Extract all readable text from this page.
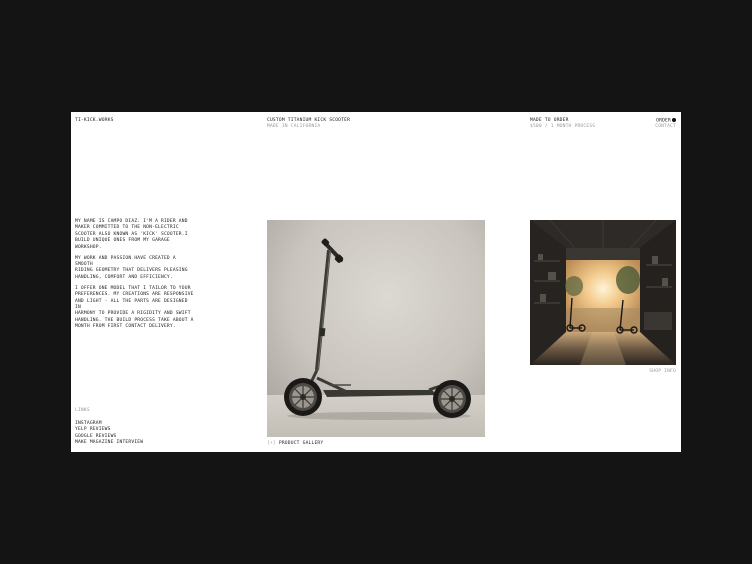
TI-KICK.WORKS	CUSTOM TITANIUM KICK SCOOTER
MADE IN CALIFORNIA
MADE TO ORDER
$500 / 1 MONTH PROCESS
ORDER
CONTACT

MY NAME IS CAMPO DIAZ. I'M A RIDER AND
MAKER COMMITTED TO THE NON-ELECTRIC
SCOOTER ALSO KNOWN AS 'KICK' SCOOTER.I
BUILD UNIQUE ONES FROM MY GARAGE WORKSHOP.

MY WORK AND PASSION HAVE CREATED A SMOOTH
RIDING GEOMETRY THAT DELIVERS PLEASING
HANDLING, COMFORT AND EFFICIENCY.

I OFFER ONE MODEL THAT I TAILOR TO YOUR
PREFERENCES. MY CREATIONS ARE RESPONSIVE
AND LIGHT - ALL THE PARTS ARE DESIGNED IN
HARMONY TO PROVIDE A RIGIDITY AND SWIFT
HANDLING. THE BUILD PROCESS TAKE ABOUT A
MONTH FROM FIRST CONTACT DELIVERY.

LINKS
INSTAGRAM
YELP REVIEWS
GOOGLE REVIEWS
MAKE MAGAZINE INTERVIEW	[+] PRODUCT GALLERY
SHOP INFO
